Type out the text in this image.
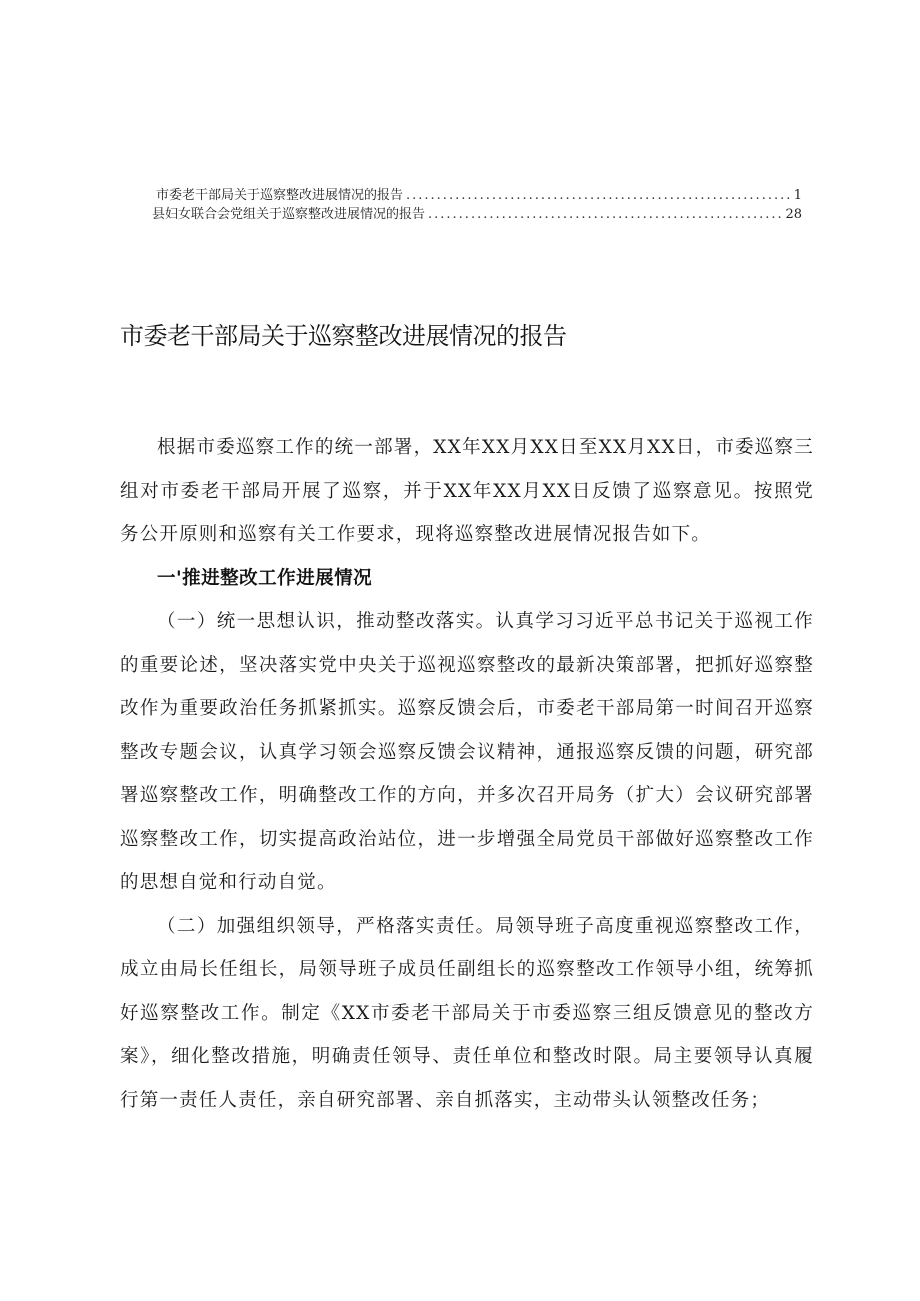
市委老干部局关于巡察整改进展情况的报告 .....	1
县妇女联合会党组关于巡察整改进展情况的报告 .....	28
市委老干部局关于巡察整改进展情况的报告

根据市委巡察工作的统一部署，XX年XX月XX日至XX月XX日，市委巡察三组对市委老干部局开展了巡察，并于XX年XX月XX日反馈了巡察意见。按照党务公开原则和巡察有关工作要求，现将巡察整改进展情况报告如下。

一'推进整改工作进展情况

（一）统一思想认识，推动整改落实。认真学习习近平总书记关于巡视工作的重要论述，坚决落实党中央关于巡视巡察整改的最新决策部署，把抓好巡察整改作为重要政治任务抓紧抓实。巡察反馈会后，市委老干部局第一时间召开巡察整改专题会议，认真学习领会巡察反馈会议精神，通报巡察反馈的问题，研究部署巡察整改工作，明确整改工作的方向，并多次召开局务（扩大）会议研究部署巡察整改工作，切实提高政治站位，进一步增强全局党员干部做好巡察整改工作的思想自觉和行动自觉。

（二）加强组织领导，严格落实责任。局领导班子高度重视巡察整改工作，成立由局长任组长，局领导班子成员任副组长的巡察整改工作领导小组，统筹抓好巡察整改工作。制定《XX市委老干部局关于市委巡察三组反馈意见的整改方案》，细化整改措施，明确责任领导、责任单位和整改时限。局主要领导认真履行第一责任人责任，亲自研究部署、亲自抓落实，主动带头认领整改任务；
